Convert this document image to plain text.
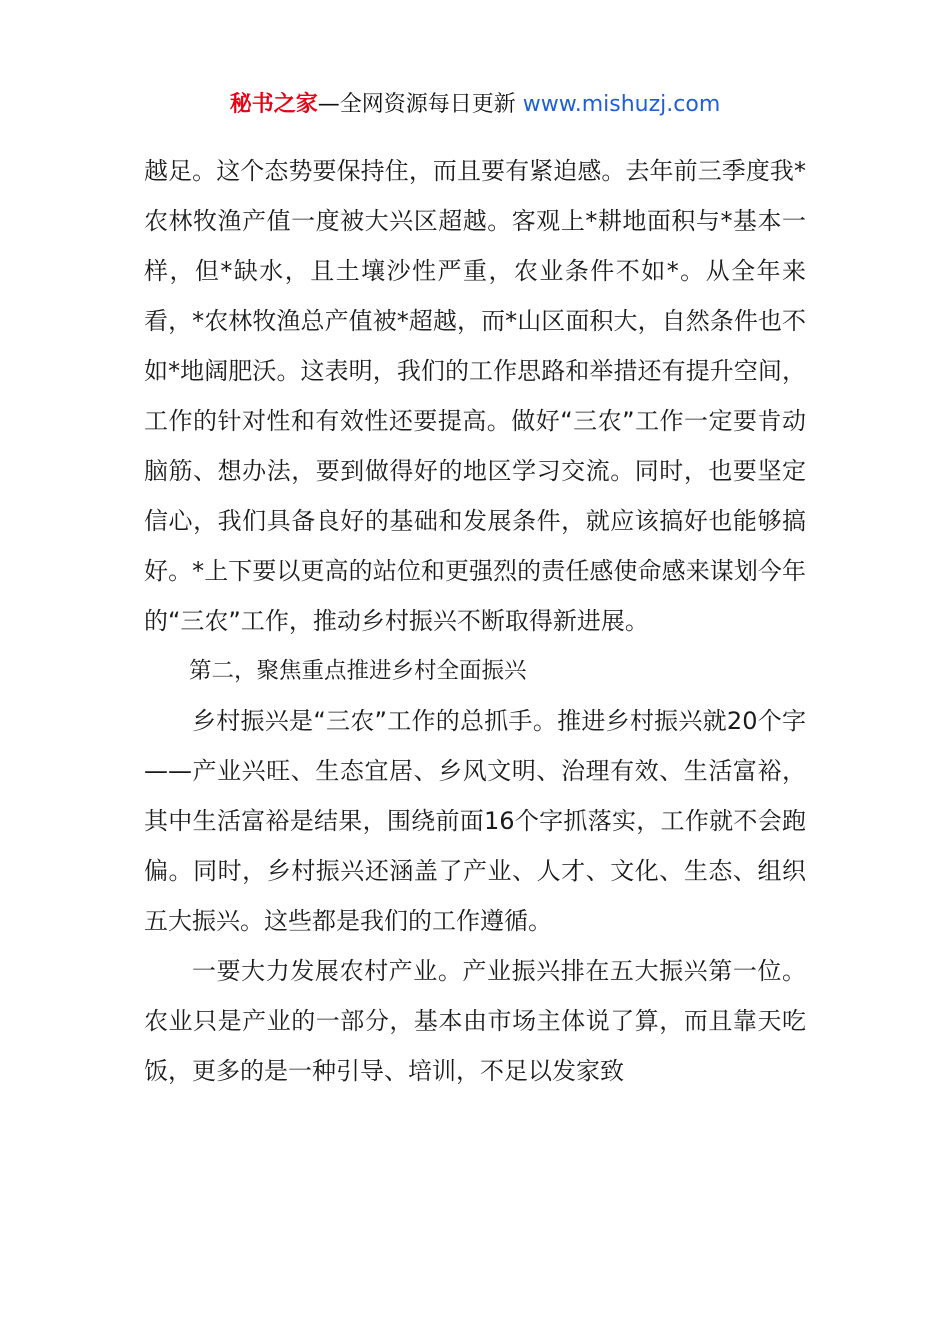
秘书之家—全网资源每日更新 www.mishuzj.com

越足。这个态势要保持住，而且要有紧迫感。去年前三季度我*农林牧渔产值一度被大兴区超越。客观上*耕地面积与*基本一样，但*缺水，且土壤沙性严重，农业条件不如*。从全年来看，*农林牧渔总产值被*超越，而*山区面积大，自然条件也不如*地阔肥沃。这表明，我们的工作思路和举措还有提升空间，工作的针对性和有效性还要提高。做好“三农”工作一定要肯动脑筋、想办法，要到做得好的地区学习交流。同时，也要坚定信心，我们具备良好的基础和发展条件，就应该搞好也能够搞好。*上下要以更高的站位和更强烈的责任感使命感来谋划今年的“三农”工作，推动乡村振兴不断取得新进展。

第二，聚焦重点推进乡村全面振兴

乡村振兴是“三农”工作的总抓手。推进乡村振兴就20个字——产业兴旺、生态宜居、乡风文明、治理有效、生活富裕，其中生活富裕是结果，围绕前面16个字抓落实，工作就不会跑偏。同时，乡村振兴还涵盖了产业、人才、文化、生态、组织五大振兴。这些都是我们的工作遵循。

一要大力发展农村产业。产业振兴排在五大振兴第一位。农业只是产业的一部分，基本由市场主体说了算，而且靠天吃饭，更多的是一种引导、培训，不足以发家致
